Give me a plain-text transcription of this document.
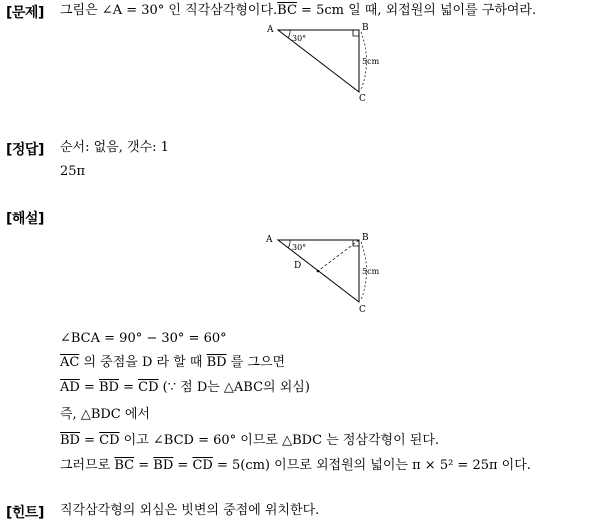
[문제] 그림은 ∠A = 30° 인 직각삼각형이다$.\overline{BC} = 5cm$ 일 때, 외접원의 넓이를 구하여라.
A	B
C
30°
5cm
[정답] 순서: 없음, 갯수: 1
25π
[해설]
A	B
C
D
30°
5cm
∠BCA = 90° − 30° = 60°
$\overline{AC}$ 의 중점을 D 라 할 때 $\overline{BD}$ 를 그으면
$\overline{AD} = \overline{BD} = \overline{CD}$ (∵ 점 D는 △ABC의 외심)
즉, △BDC 에서
$\overline{BD} = \overline{CD}$ 이고 ∠BCD = 60° 이므로 △BDC 는 정삼각형이 된다.
그러므로 $\overline{BC} = \overline{BD} = \overline{CD} = 5(cm)$ 이므로 외접원의 넓이는 π × 5² = 25π 이다.
[힌트] 직각삼각형의 외심은 빗변의 중점에 위치한다.
